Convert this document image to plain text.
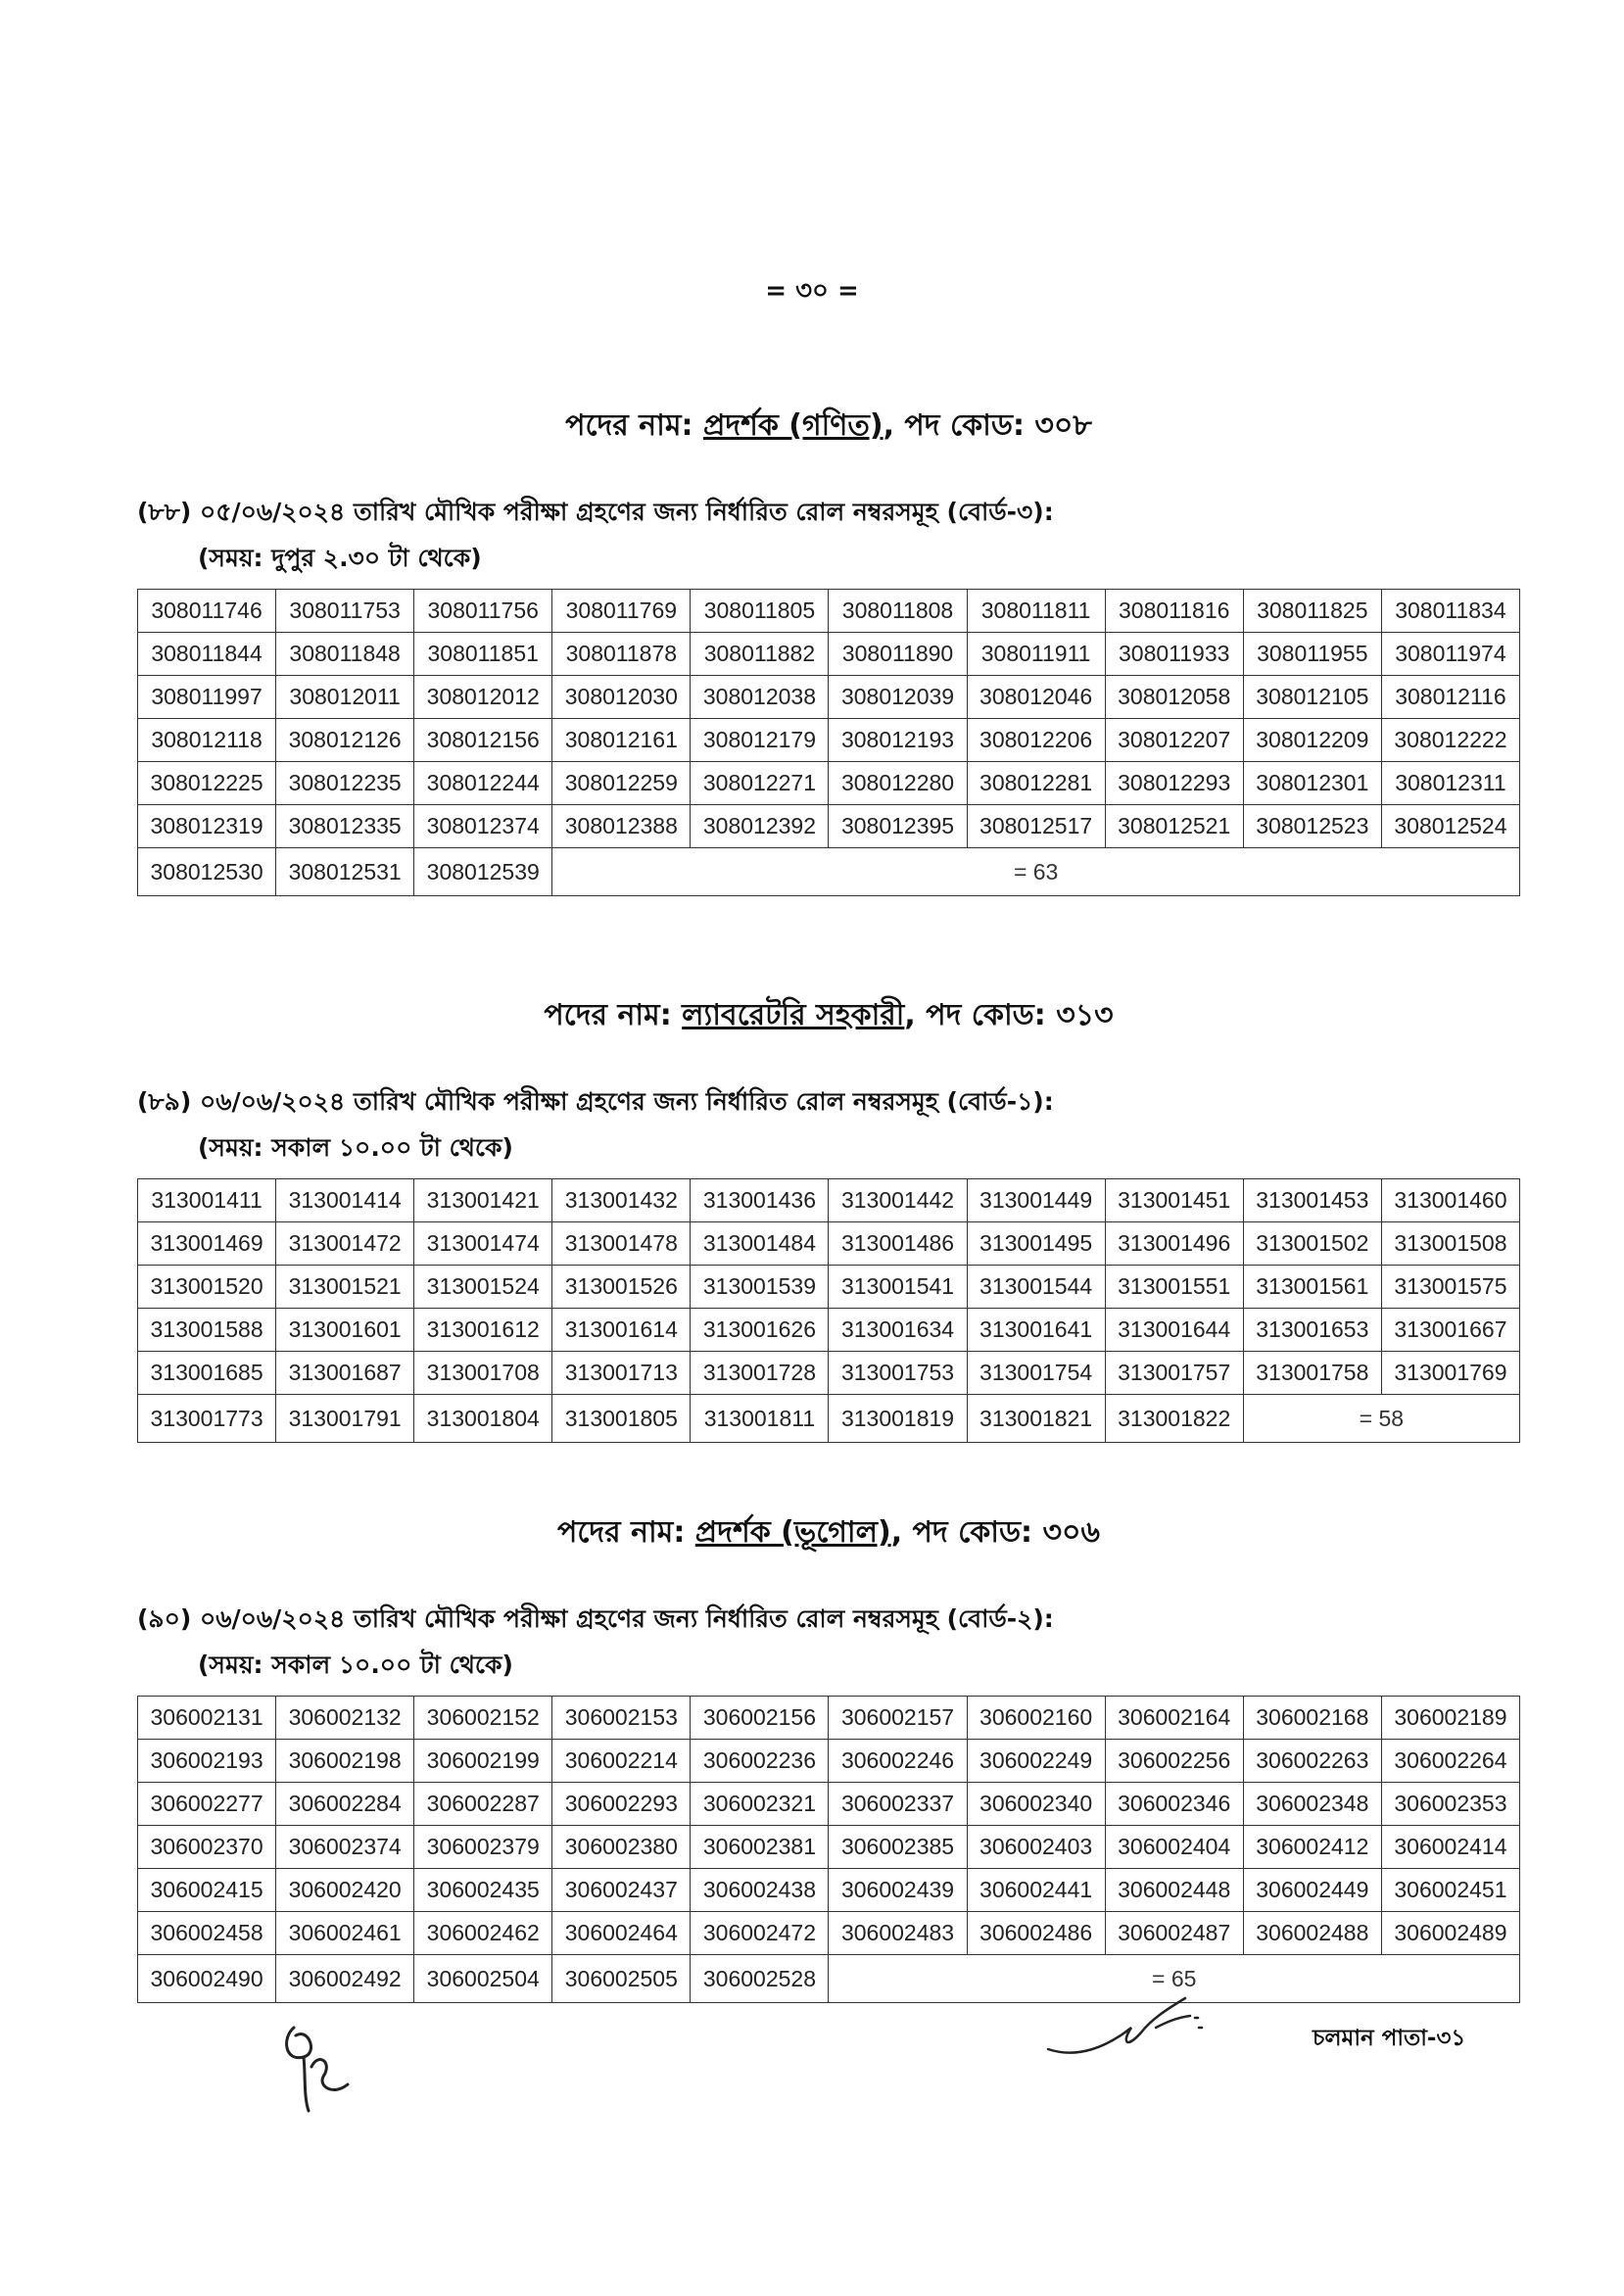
= ৩০ =
পদের নাম: প্রদর্শক (গণিত), পদ কোড: ৩০৮
(৮৮) ০৫/০৬/২০২৪ তারিখ মৌখিক পরীক্ষা গ্রহণের জন্য নির্ধারিত রোল নম্বরসমূহ (বোর্ড-৩):
(সময়: দুপুর ২.৩০ টা থেকে)
308011746	308011753	308011756	308011769	308011805	308011808	308011811	308011816	308011825	308011834
308011844	308011848	308011851	308011878	308011882	308011890	308011911	308011933	308011955	308011974
308011997	308012011	308012012	308012030	308012038	308012039	308012046	308012058	308012105	308012116
308012118	308012126	308012156	308012161	308012179	308012193	308012206	308012207	308012209	308012222
308012225	308012235	308012244	308012259	308012271	308012280	308012281	308012293	308012301	308012311
308012319	308012335	308012374	308012388	308012392	308012395	308012517	308012521	308012523	308012524
308012530	308012531	308012539	= 63						
পদের নাম: ল্যাবরেটরি সহকারী, পদ কোড: ৩১৩
(৮৯) ০৬/০৬/২০২৪ তারিখ মৌখিক পরীক্ষা গ্রহণের জন্য নির্ধারিত রোল নম্বরসমূহ (বোর্ড-১):
(সময়: সকাল ১০.০০ টা থেকে)
313001411	313001414	313001421	313001432	313001436	313001442	313001449	313001451	313001453	313001460
313001469	313001472	313001474	313001478	313001484	313001486	313001495	313001496	313001502	313001508
313001520	313001521	313001524	313001526	313001539	313001541	313001544	313001551	313001561	313001575
313001588	313001601	313001612	313001614	313001626	313001634	313001641	313001644	313001653	313001667
313001685	313001687	313001708	313001713	313001728	313001753	313001754	313001757	313001758	313001769
313001773	313001791	313001804	313001805	313001811	313001819	313001821	313001822	= 58	
পদের নাম: প্রদর্শক (ভূগোল), পদ কোড: ৩০৬
(৯০) ০৬/০৬/২০২৪ তারিখ মৌখিক পরীক্ষা গ্রহণের জন্য নির্ধারিত রোল নম্বরসমূহ (বোর্ড-২):
(সময়: সকাল ১০.০০ টা থেকে)
306002131	306002132	306002152	306002153	306002156	306002157	306002160	306002164	306002168	306002189
306002193	306002198	306002199	306002214	306002236	306002246	306002249	306002256	306002263	306002264
306002277	306002284	306002287	306002293	306002321	306002337	306002340	306002346	306002348	306002353
306002370	306002374	306002379	306002380	306002381	306002385	306002403	306002404	306002412	306002414
306002415	306002420	306002435	306002437	306002438	306002439	306002441	306002448	306002449	306002451
306002458	306002461	306002462	306002464	306002472	306002483	306002486	306002487	306002488	306002489
306002490	306002492	306002504	306002505	306002528	= 65				
চলমান পাতা-৩১
